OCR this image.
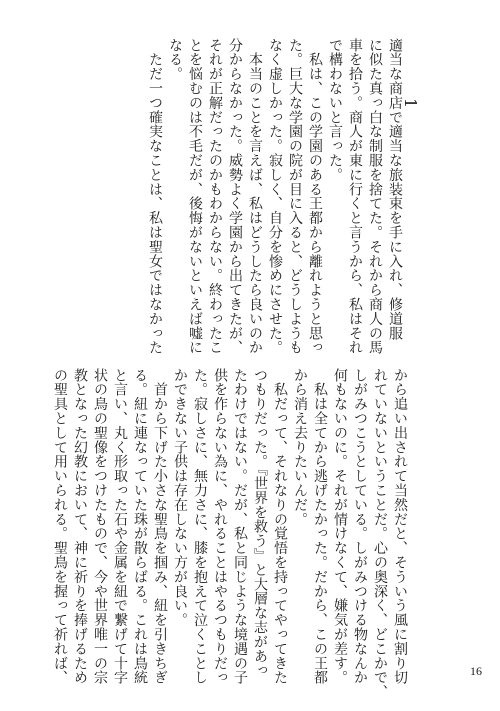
1
適当な商店で適当な旅装束を手に入れ、修道服
に似た真っ白な制服を捨てた。それから商人の馬
車を拾う。商人が東に行くと言うから、私はそれ
で構わないと言った。
　私は、この学園のある王都から離れようと思っ
た。巨大な学園の院が目に入ると、どうしようも
なく虚しかった。寂しく、自分を惨めにさせた。
　本当のことを言えば、私はどうしたら良いのか
分からなかった。威勢よく学園から出てきたが、
それが正解だったのかもわからない。終わったこ
とを悩むのは不毛だが、後悔がないといえば嘘に
なる。
　ただ一つ確実なことは、私は聖女ではなかった
から追い出されて当然だと、そういう風に割り切
れていないということだ。心の奥深く、どこかで、
しがみつこうとしている。しがみつける物なんか
何もないのに。それが情けなくて、嫌気が差す。
　私は全てから逃げたかった。だから、この王都
から消え去りたいんだ。
　私だって、それなりの覚悟を持ってやってきた
つもりだった。『世界を救う』と大層な志があっ
たわけではない。だが、私と同じような境遇の子
供を作らない為に、やれることはやるつもりだっ
た。寂しさに、無力さに、膝を抱えて泣くことし
かできない子供は存在しない方が良い。
　首から下げた小さな聖鳥を掴み、紐を引きちぎ
る。紐に連なっていた珠が散らばる。これは鳥統
と言い、丸く形取った石や金属を紐で繋げて十字
状の鳥の聖像をつけたもので、今や世界唯一の宗
教となった幻教において、神に祈りを捧げるため
の聖具として用いられる。聖鳥を握って祈れば、	16
